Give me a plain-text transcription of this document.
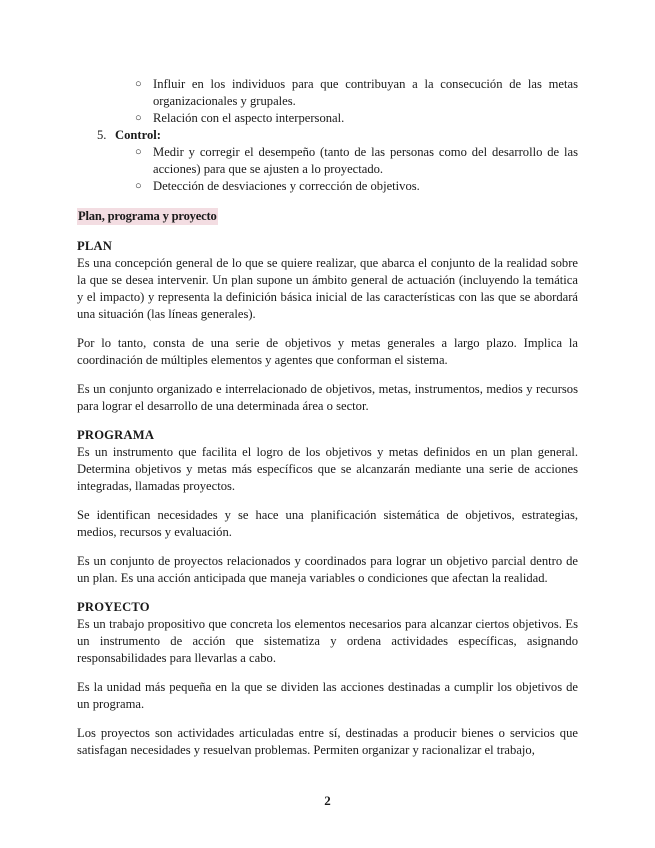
○ Influir en los individuos para que contribuyan a la consecución de las metas organizacionales y grupales.
○ Relación con el aspecto interpersonal.
5. Control:
○ Medir y corregir el desempeño (tanto de las personas como del desarrollo de las acciones) para que se ajusten a lo proyectado.
○ Detección de desviaciones y corrección de objetivos.
Plan, programa y proyecto
PLAN

Es una concepción general de lo que se quiere realizar, que abarca el conjunto de la realidad sobre la que se desea intervenir. Un plan supone un ámbito general de actuación (incluyendo la temática y el impacto) y representa la definición básica inicial de las características con las que se abordará una situación (las líneas generales).

Por lo tanto, consta de una serie de objetivos y metas generales a largo plazo. Implica la coordinación de múltiples elementos y agentes que conforman el sistema.

Es un conjunto organizado e interrelacionado de objetivos, metas, instrumentos, medios y recursos para lograr el desarrollo de una determinada área o sector.

PROGRAMA

Es un instrumento que facilita el logro de los objetivos y metas definidos en un plan general. Determina objetivos y metas más específicos que se alcanzarán mediante una serie de acciones integradas, llamadas proyectos.

Se identifican necesidades y se hace una planificación sistemática de objetivos, estrategias, medios, recursos y evaluación.

Es un conjunto de proyectos relacionados y coordinados para lograr un objetivo parcial dentro de un plan. Es una acción anticipada que maneja variables o condiciones que afectan la realidad.

PROYECTO

Es un trabajo propositivo que concreta los elementos necesarios para alcanzar ciertos objetivos. Es un instrumento de acción que sistematiza y ordena actividades específicas, asignando responsabilidades para llevarlas a cabo.

Es la unidad más pequeña en la que se dividen las acciones destinadas a cumplir los objetivos de un programa.

Los proyectos son actividades articuladas entre sí, destinadas a producir bienes o servicios que satisfagan necesidades y resuelvan problemas. Permiten organizar y racionalizar el trabajo,

2
